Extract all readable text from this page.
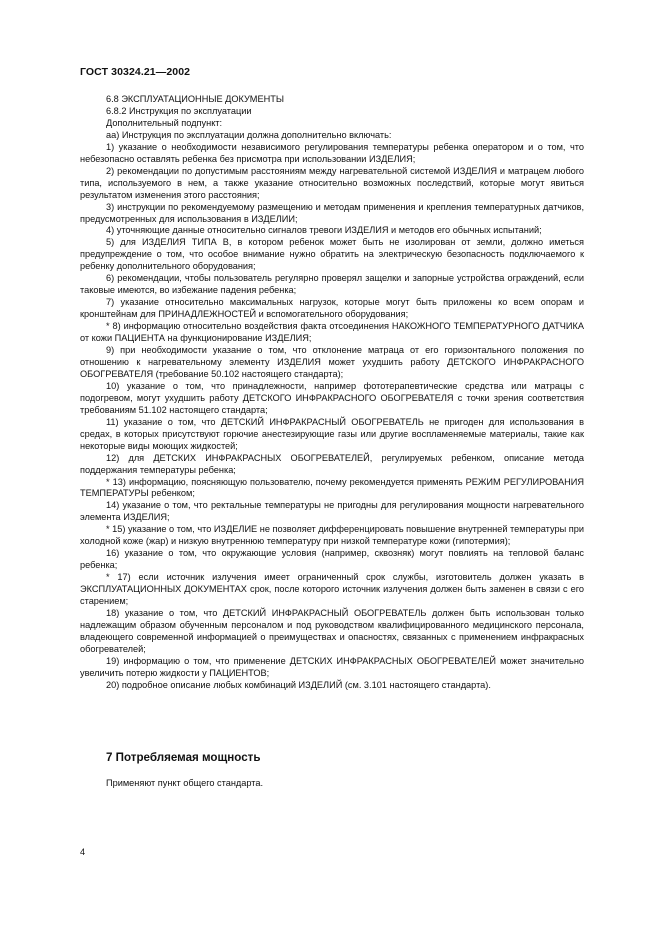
ГОСТ 30324.21—2002

6.8 ЭКСПЛУАТАЦИОННЫЕ ДОКУМЕНТЫ

6.8.2 Инструкция по эксплуатации

Дополнительный подпункт:

аа) Инструкция по эксплуатации должна дополнительно включать:

1) указание о необходимости независимого регулирования температуры ребенка оператором и о том, что небезопасно оставлять ребенка без присмотра при использовании ИЗДЕЛИЯ;

2) рекомендации по допустимым расстояниям между нагревательной системой ИЗДЕЛИЯ и матрацем любого типа, используемого в нем, а также указание относительно возможных последствий, которые могут явиться результатом изменения этого расстояния;

3) инструкции по рекомендуемому размещению и методам применения и крепления температурных датчиков, предусмотренных для использования в ИЗДЕЛИИ;

4) уточняющие данные относительно сигналов тревоги ИЗДЕЛИЯ и методов его обычных испытаний;

5) для ИЗДЕЛИЯ ТИПА В, в котором ребенок может быть не изолирован от земли, должно иметься предупреждение о том, что особое внимание нужно обратить на электрическую безопасность подключаемого к ребенку дополнительного оборудования;

6) рекомендации, чтобы пользователь регулярно проверял защелки и запорные устройства ограждений, если таковые имеются, во избежание падения ребенка;

7) указание относительно максимальных нагрузок, которые могут быть приложены ко всем опорам и кронштейнам для ПРИНАДЛЕЖНОСТЕЙ и вспомогательного оборудования;

* 8) информацию относительно воздействия факта отсоединения НАКОЖНОГО ТЕМПЕРАТУРНОГО ДАТЧИКА от кожи ПАЦИЕНТА на функционирование ИЗДЕЛИЯ;

9) при необходимости указание о том, что отклонение матраца от его горизонтального положения по отношению к нагревательному элементу ИЗДЕЛИЯ может ухудшить работу ДЕТСКОГО ИНФРАКРАСНОГО ОБОГРЕВАТЕЛЯ (требование 50.102 настоящего стандарта);

10) указание о том, что принадлежности, например фототерапевтические средства или матрацы с подогревом, могут ухудшить работу ДЕТСКОГО ИНФРАКРАСНОГО ОБОГРЕВАТЕЛЯ с точки зрения соответствия требованиям 51.102 настоящего стандарта;

11) указание о том, что ДЕТСКИЙ ИНФРАКРАСНЫЙ ОБОГРЕВАТЕЛЬ не пригоден для использования в средах, в которых присутствуют горючие анестезирующие газы или другие воспламеняемые материалы, такие как некоторые виды моющих жидкостей;

12) для ДЕТСКИХ ИНФРАКРАСНЫХ ОБОГРЕВАТЕЛЕЙ, регулируемых ребенком, описание метода поддержания температуры ребенка;

* 13) информацию, поясняющую пользователю, почему рекомендуется применять РЕЖИМ РЕГУЛИРОВАНИЯ ТЕМПЕРАТУРЫ ребенком;

14) указание о том, что ректальные температуры не пригодны для регулирования мощности нагревательного элемента ИЗДЕЛИЯ;

* 15) указание о том, что ИЗДЕЛИЕ не позволяет дифференцировать повышение внутренней температуры при холодной коже (жар) и низкую внутреннюю температуру при низкой температуре кожи (гипотермия);

16) указание о том, что окружающие условия (например, сквозняк) могут повлиять на тепловой баланс ребенка;

* 17) если источник излучения имеет ограниченный срок службы, изготовитель должен указать в ЭКСПЛУАТАЦИОННЫХ ДОКУМЕНТАХ срок, после которого источник излучения должен быть заменен в связи с его старением;

18) указание о том, что ДЕТСКИЙ ИНФРАКРАСНЫЙ ОБОГРЕВАТЕЛЬ должен быть использован только надлежащим образом обученным персоналом и под руководством квалифицированного медицинского персонала, владеющего современной информацией о преимуществах и опасностях, связанных с применением инфракрасных обогревателей;

19) информацию о том, что применение ДЕТСКИХ ИНФРАКРАСНЫХ ОБОГРЕВАТЕЛЕЙ может значительно увеличить потерю жидкости у ПАЦИЕНТОВ;

20) подробное описание любых комбинаций ИЗДЕЛИЙ (см. 3.101 настоящего стандарта).

7 Потребляемая мощность
Применяют пункт общего стандарта.
4
